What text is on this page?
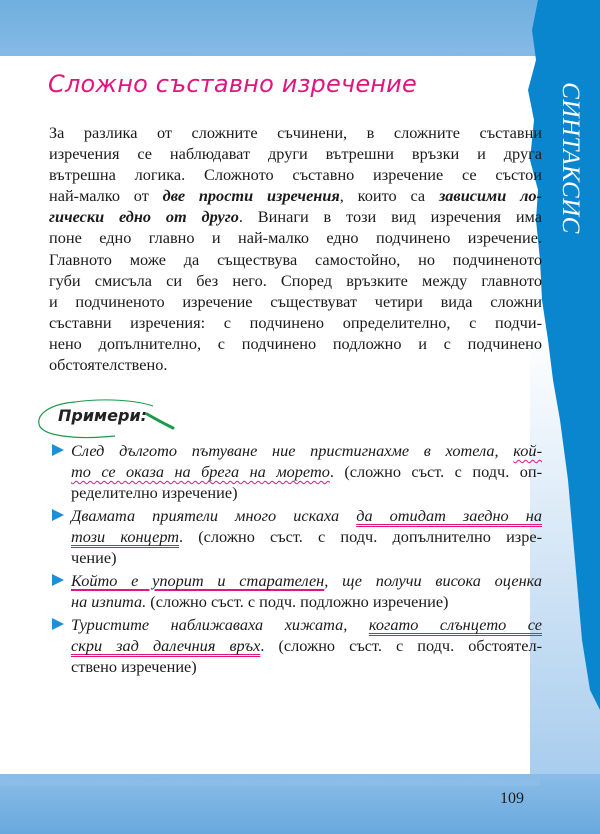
СИНТАКСИС
Сложно съставно изречение

За разлика от сложните съчинени, в сложните съставни
изречения се наблюдават други вътрешни връзки и друга
вътрешна логика. Сложното съставно изречение се състои
най-малко от две прости изречения, които са зависими ло-
гически едно от друго. Винаги в този вид изречения има
поне едно главно и най-малко едно подчинено изречение.
Главното може да съществува самостойно, но подчиненото
губи смисъла си без него. Според връзките между главното
и подчиненото изречение съществуват четири вида сложни
съставни изречения: с подчинено определително, с подчи-
нено допълнително, с подчинено подложно и с подчинено
обстоятелствено.

Примери:
След дългото пътуване ние пристигнахме в хотела, кой-
то се оказа на брега на морето. (сложно съст. с подч. оп-
ределително изречение)
Двамата приятели много искаха да отидат заедно на
този концерт. (сложно съст. с подч. допълнително изре-
чение)
Който е упорит и старателен, ще получи висока оценка
на изпита. (сложно съст. с подч. подложно изречение)
Туристите наближаваха хижата, когато слънцето се
скри зад далечния връх. (сложно съст. с подч. обстоятел-
ствено изречение)
109
